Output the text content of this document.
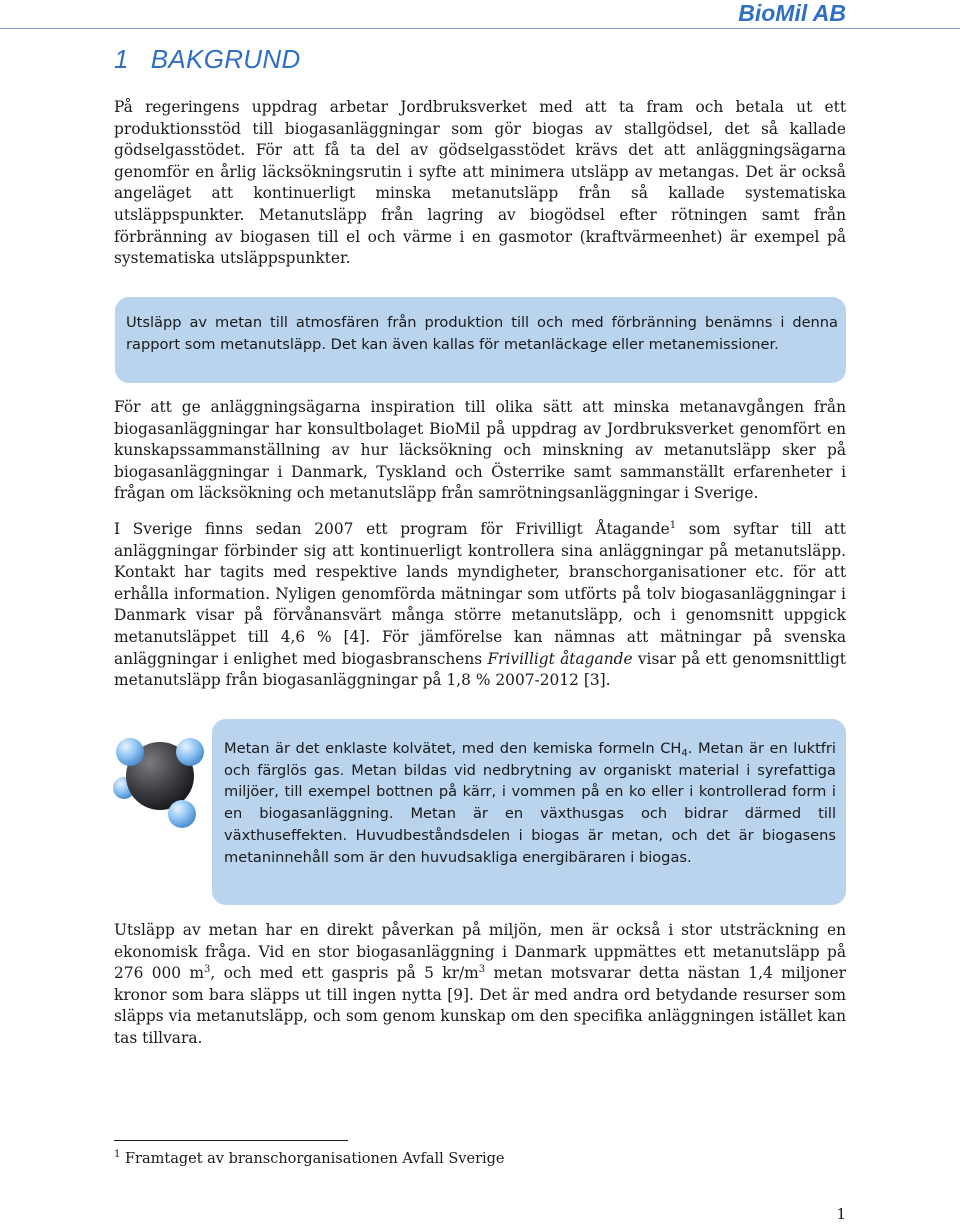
BioMil AB
1 BAKGRUND

På regeringens uppdrag arbetar Jordbruksverket med att ta fram och betala ut ett produktionsstöd till biogasanläggningar som gör biogas av stallgödsel, det så kallade gödselgasstödet. För att få ta del av gödselgasstödet krävs det att anläggningsägarna genomför en årlig läcksökningsrutin i syfte att minimera utsläpp av metangas. Det är också angeläget att kontinuerligt minska metanutsläpp från så kallade systematiska utsläppspunkter. Metanutsläpp från lagring av biogödsel efter rötningen samt från förbränning av biogasen till el och värme i en gasmotor (kraftvärmeenhet) är exempel på systematiska utsläppspunkter.

Utsläpp av metan till atmosfären från produktion till och med förbränning benämns i denna rapport som metanutsläpp. Det kan även kallas för metanläckage eller metanemissioner.

För att ge anläggningsägarna inspiration till olika sätt att minska metanavgången från biogasanläggningar har konsultbolaget BioMil på uppdrag av Jordbruksverket genomfört en kunskapssammanställning av hur läcksökning och minskning av metanutsläpp sker på biogasanläggningar i Danmark, Tyskland och Österrike samt sammanställt erfarenheter i frågan om läcksökning och metanutsläpp från samrötningsanläggningar i Sverige.

I Sverige finns sedan 2007 ett program för Frivilligt Åtagande$^1$ som syftar till att anläggningar förbinder sig att kontinuerligt kontrollera sina anläggningar på metanutsläpp. Kontakt har tagits med respektive lands myndigheter, branschorganisationer etc. för att erhålla information. Nyligen genomförda mätningar som utförts på tolv biogasanläggningar i Danmark visar på förvånansvärt många större metanutsläpp, och i genomsnitt uppgick metanutsläppet till 4,6 % [4]. För jämförelse kan nämnas att mätningar på svenska anläggningar i enlighet med biogasbranschens Frivilligt åtagande visar på ett genomsnittligt metanutsläpp från biogasanläggningar på 1,8 % 2007-2012 [3].

Metan är det enklaste kolvätet, med den kemiska formeln $CH_4$. Metan är en luktfri och färglös gas. Metan bildas vid nedbrytning av organiskt material i syrefattiga miljöer, till exempel bottnen på kärr, i vommen på en ko eller i kontrollerad form i en biogasanläggning. Metan är en växthusgas och bidrar därmed till växthuseffekten. Huvudbeståndsdelen i biogas är metan, och det är biogasens metaninnehåll som är den huvudsakliga energibäraren i biogas.

Utsläpp av metan har en direkt påverkan på miljön, men är också i stor utsträckning en ekonomisk fråga. Vid en stor biogasanläggning i Danmark uppmättes ett metanutsläpp på 276 000 $m^3$, och med ett gaspris på 5 $kr/m^3$ metan motsvarar detta nästan 1,4 miljoner kronor som bara släpps ut till ingen nytta [9]. Det är med andra ord betydande resurser som släpps via metanutsläpp, och som genom kunskap om den specifika anläggningen istället kan tas tillvara.

$^1$ Framtaget av branschorganisationen Avfall Sverige
1
